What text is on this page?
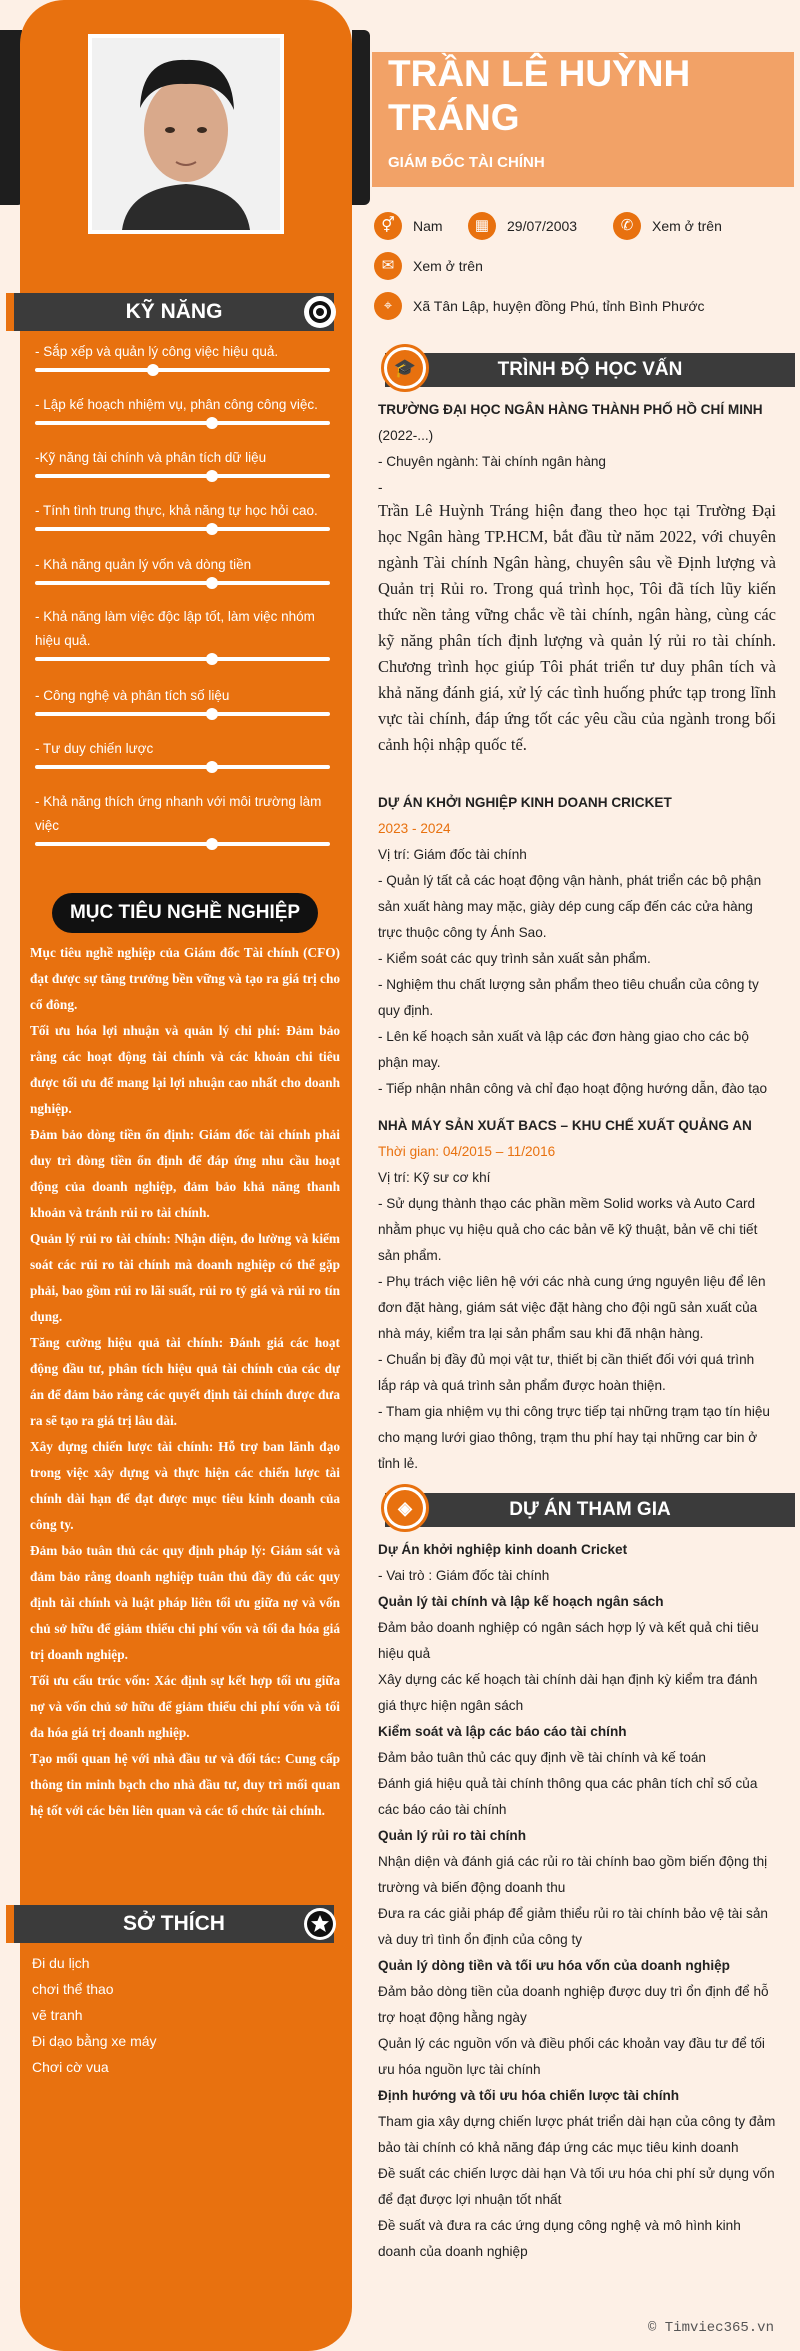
KỸ NĂNG
- Sắp xếp và quản lý công việc hiệu quả.
- Lập kế hoạch nhiệm vụ, phân công công việc.
-Kỹ năng tài chính và phân tích dữ liệu
- Tính tình trung thực, khả năng tự học hỏi cao.
- Khả năng quản lý vốn và dòng tiền
- Khả năng làm việc độc lập tốt, làm việc nhóm hiệu quả.
- Công nghệ và phân tích số liệu
- Tư duy chiến lược
- Khả năng thích ứng nhanh với môi trường làm việc
MỤC TIÊU NGHỀ NGHIỆP

Mục tiêu nghề nghiệp của Giám đốc Tài chính (CFO) đạt được sự tăng trưởng bền vững và tạo ra giá trị cho cổ đông.

Tối ưu hóa lợi nhuận và quản lý chi phí: Đảm bảo rằng các hoạt động tài chính và các khoản chi tiêu được tối ưu để mang lại lợi nhuận cao nhất cho doanh nghiệp.

Đảm bảo dòng tiền ổn định: Giám đốc tài chính phải duy trì dòng tiền ổn định để đáp ứng nhu cầu hoạt động của doanh nghiệp, đảm bảo khả năng thanh khoản và tránh rủi ro tài chính.

Quản lý rủi ro tài chính: Nhận diện, đo lường và kiểm soát các rủi ro tài chính mà doanh nghiệp có thể gặp phải, bao gồm rủi ro lãi suất, rủi ro tỷ giá và rủi ro tín dụng.

Tăng cường hiệu quả tài chính: Đánh giá các hoạt động đầu tư, phân tích hiệu quả tài chính của các dự án để đảm bảo rằng các quyết định tài chính được đưa ra sẽ tạo ra giá trị lâu dài.

Xây dựng chiến lược tài chính: Hỗ trợ ban lãnh đạo trong việc xây dựng và thực hiện các chiến lược tài chính dài hạn để đạt được mục tiêu kinh doanh của công ty.

Đảm bảo tuân thủ các quy định pháp lý: Giám sát và đảm bảo rằng doanh nghiệp tuân thủ đầy đủ các quy định tài chính và luật pháp liên tối ưu giữa nợ và vốn chủ sở hữu để giảm thiểu chi phí vốn và tối đa hóa giá trị doanh nghiệp.

Tối ưu cấu trúc vốn: Xác định sự kết hợp tối ưu giữa nợ và vốn chủ sở hữu để giảm thiểu chi phí vốn và tối đa hóa giá trị doanh nghiệp.

Tạo mối quan hệ với nhà đầu tư và đối tác: Cung cấp thông tin minh bạch cho nhà đầu tư, duy trì mối quan hệ tốt với các bên liên quan và các tổ chức tài chính.

SỞ THÍCH
Đi du lịch
chơi thể thao
vẽ tranh
Đi dạo bằng xe máy
Chơi cờ vua
TRẦN LÊ HUỲNH TRÁNG
GIÁM ĐỐC TÀI CHÍNH
⚥	Nam	▦	29/07/2003	✆	Xem ở trên
✉	Xem ở trên
⌖	Xã Tân Lập, huyện đồng Phú, tỉnh Bình Phước
🎓	TRÌNH ĐỘ HỌC VẤN

TRƯỜNG ĐẠI HỌC NGÂN HÀNG THÀNH PHỐ HỒ CHÍ MINH

(2022-...)

- Chuyên ngành: Tài chính ngân hàng

-

Trần Lê Huỳnh Tráng hiện đang theo học tại Trường Đại học Ngân hàng TP.HCM, bắt đầu từ năm 2022, với chuyên ngành Tài chính Ngân hàng, chuyên sâu về Định lượng và Quản trị Rủi ro. Trong quá trình học, Tôi đã tích lũy kiến thức nền tảng vững chắc về tài chính, ngân hàng, cùng các kỹ năng phân tích định lượng và quản lý rủi ro tài chính. Chương trình học giúp Tôi phát triển tư duy phân tích và khả năng đánh giá, xử lý các tình huống phức tạp trong lĩnh vực tài chính, đáp ứng tốt các yêu cầu của ngành trong bối cảnh hội nhập quốc tế.

DỰ ÁN KHỞI NGHIỆP KINH DOANH CRICKET

2023 - 2024

Vị trí: Giám đốc tài chính

- Quản lý tất cả các hoạt động vận hành, phát triển các bộ phận sản xuất hàng may mặc, giày dép cung cấp đến các cửa hàng trực thuộc công ty Ánh Sao.

- Kiểm soát các quy trình sản xuất sản phẩm.

- Nghiệm thu chất lượng sản phẩm theo tiêu chuẩn của công ty quy định.

- Lên kế hoạch sản xuất và lập các đơn hàng giao cho các bộ phận may.

- Tiếp nhận nhân công và chỉ đạo hoạt động hướng dẫn, đào tạo

NHÀ MÁY SẢN XUẤT BACS – KHU CHẾ XUẤT QUẢNG AN

Thời gian: 04/2015 – 11/2016

Vị trí: Kỹ sư cơ khí

- Sử dụng thành thạo các phần mềm Solid works và Auto Card nhằm phục vụ hiệu quả cho các bản vẽ kỹ thuật, bản vẽ chi tiết sản phẩm.

- Phụ trách việc liên hệ với các nhà cung ứng nguyên liệu để lên đơn đặt hàng, giám sát việc đặt hàng cho đội ngũ sản xuất của nhà máy, kiểm tra lại sản phẩm sau khi đã nhận hàng.

- Chuẩn bị đầy đủ mọi vật tư, thiết bị cần thiết đối với quá trình lắp ráp và quá trình sản phẩm được hoàn thiện.

- Tham gia nhiệm vụ thi công trực tiếp tại những trạm tạo tín hiệu cho mạng lưới giao thông, trạm thu phí hay tại những car bin ở tỉnh lẻ.

◈	DỰ ÁN THAM GIA

Dự Án khởi nghiệp kinh doanh Cricket

- Vai trò : Giám đốc tài chính

Quản lý tài chính và lập kế hoạch ngân sách

Đảm bảo doanh nghiệp có ngân sách hợp lý và kết quả chi tiêu hiệu quả

Xây dựng các kế hoạch tài chính dài hạn định kỳ kiểm tra đánh giá thực hiện ngân sách

Kiểm soát và lập các báo cáo tài chính

Đảm bảo tuân thủ các quy định về tài chính và kế toán

Đánh giá hiệu quả tài chính thông qua các phân tích chỉ số của các báo cáo tài chính

Quản lý rủi ro tài chính

Nhận diện và đánh giá các rủi ro tài chính bao gồm biến động thị trường và biến động doanh thu

Đưa ra các giải pháp để giảm thiểu rủi ro tài chính bảo vệ tài sản và duy trì tình ổn định của công ty

Quản lý dòng tiền và tối ưu hóa vốn của doanh nghiệp

Đảm bảo dòng tiền của doanh nghiệp được duy trì ổn định để hỗ trợ hoạt động hằng ngày

Quản lý các nguồn vốn và điều phối các khoản vay đầu tư để tối ưu hóa nguồn lực tài chính

Định hướng và tối ưu hóa chiến lược tài chính

Tham gia xây dựng chiến lược phát triển dài hạn của công ty đảm bảo tài chính có khả năng đáp ứng các mục tiêu kinh doanh

Đề suất các chiến lược dài hạn Và tối ưu hóa chi phí sử dụng vốn để đạt được lợi nhuận tốt nhất

Đề suất và đưa ra các ứng dụng công nghệ và mô hình kinh doanh của doanh nghiệp

© Timviec365.vn
